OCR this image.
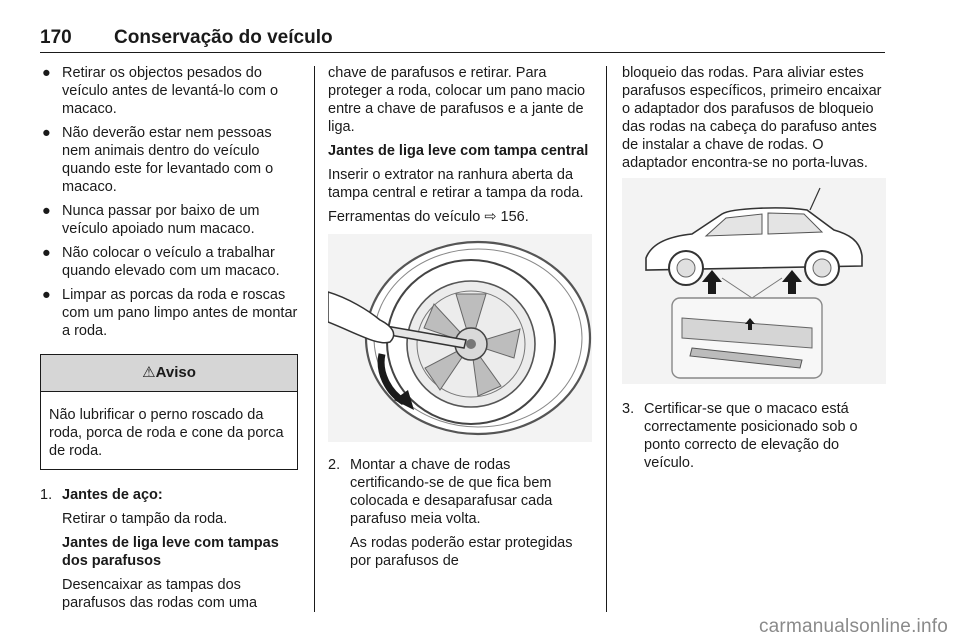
170 Conservação do veículo
● Retirar os objectos pesados do veículo antes de levantá-lo com o macaco.
● Não deverão estar nem pessoas nem animais dentro do veículo quando este for levantado com o macaco.
● Nunca passar por baixo de um veículo apoiado num macaco.
● Não colocar o veículo a trabalhar quando elevado com um macaco.
● Limpar as porcas da roda e roscas com um pano limpo antes de montar a roda.
⚠ Aviso
Não lubrificar o perno roscado da roda, porca de roda e cone da porca de roda.
1. Jantes de aço:

Retirar o tampão da roda.

Jantes de liga leve com tampas dos parafusos

Desencaixar as tampas dos parafusos das rodas com uma

chave de parafusos e retirar. Para proteger a roda, colocar um pano macio entre a chave de parafusos e a jante de liga.

Jantes de liga leve com tampa central

Inserir o extrator na ranhura aberta da tampa central e retirar a tampa da roda.

Ferramentas do veículo ⇨ 156.

2. Montar a chave de rodas certificando-se de que fica bem colocada e desaparafusar cada parafuso meia volta.

As rodas poderão estar protegidas por parafusos de

bloqueio das rodas. Para aliviar estes parafusos específicos, primeiro encaixar o adaptador dos parafusos de bloqueio das rodas na cabeça do parafuso antes de instalar a chave de rodas. O adaptador encontra-se no porta-luvas.

3. Certificar-se que o macaco está correctamente posicionado sob o ponto correcto de elevação do veículo.

carmanualsonline.info
